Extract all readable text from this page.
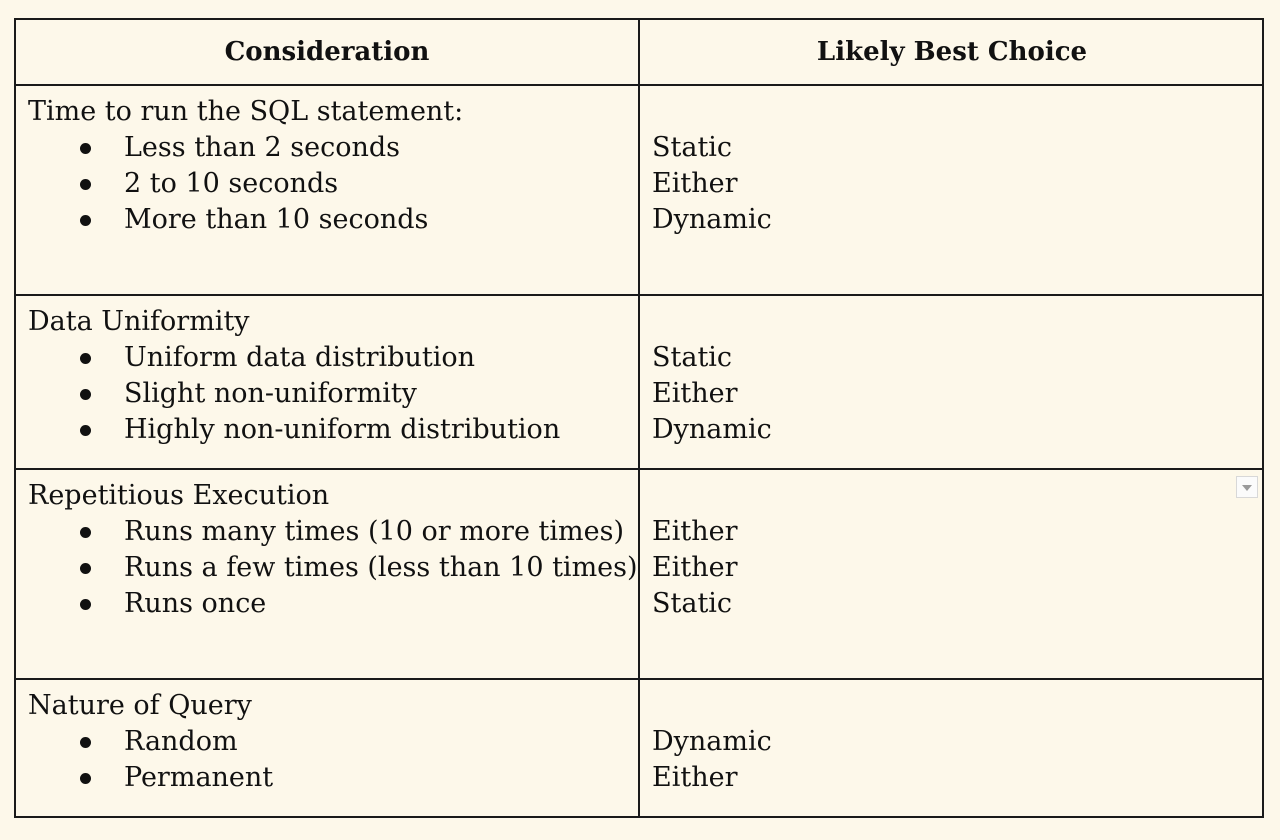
Consideration	Likely Best Choice
Time to run the SQL statement:
Less than 2 seconds
2 to 10 seconds
More than 10 seconds
Static
Either
Dynamic
Data Uniformity
Uniform data distribution
Slight non-uniformity
Highly non-uniform distribution
Static
Either
Dynamic
Repetitious Execution
Runs many times (10 or more times)
Runs a few times (less than 10 times)
Runs once
Either
Either
Static
Nature of Query
Random
Permanent
Dynamic
Either
